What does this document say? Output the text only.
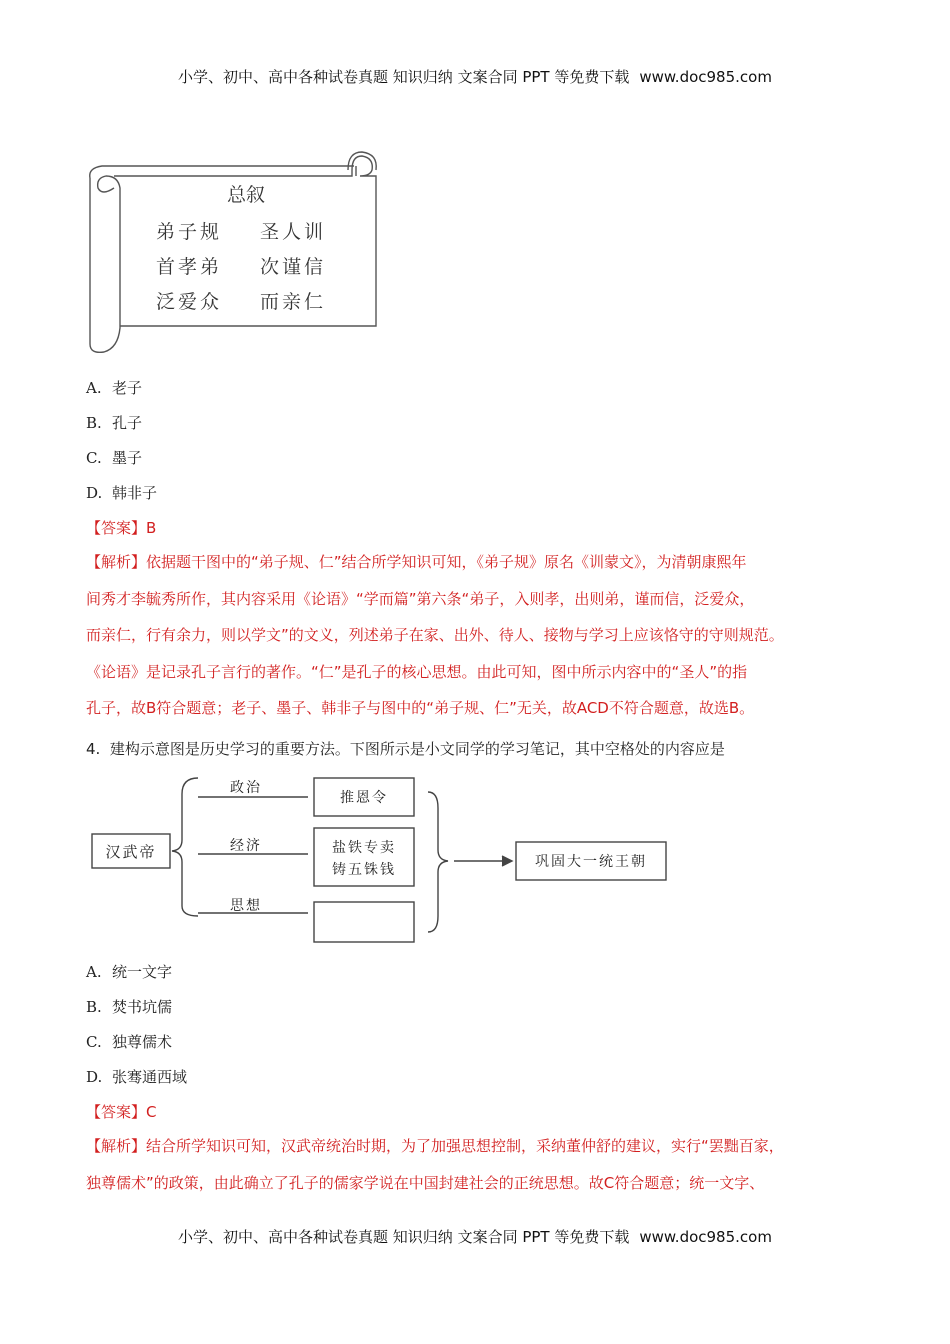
小学、初中、高中各种试卷真题 知识归纳 文案合同 PPT 等免费下载 www.doc985.com
总叙
弟子规 圣人训
首孝弟 次谨信
泛爱众 而亲仁
A. 老子
B. 孔子
C. 墨子
D. 韩非子
【答案】B
【解析】依据题干图中的“弟子规、仁”结合所学知识可知，《弟子规》原名《训蒙文》，为清朝康熙年
间秀才李毓秀所作，其内容采用《论语》“学而篇”第六条“弟子，入则孝，出则弟，谨而信，泛爱众，
而亲仁，行有余力，则以学文”的文义，列述弟子在家、出外、待人、接物与学习上应该恪守的守则规范。
《论语》是记录孔子言行的著作。“仁”是孔子的核心思想。由此可知，图中所示内容中的“圣人”的指
孔子，故B符合题意；老子、墨子、韩非子与图中的“弟子规、仁”无关，故ACD不符合题意，故选B。
4. 建构示意图是历史学习的重要方法。下图所示是小文同学的学习笔记，其中空格处的内容应是
汉武帝
政治
经济
思想
推恩令
盐铁专卖
铸五铢钱	巩固大一统王朝
A. 统一文字
B. 焚书坑儒
C. 独尊儒术
D. 张骞通西域
【答案】C
【解析】结合所学知识可知，汉武帝统治时期，为了加强思想控制，采纳董仲舒的建议，实行“罢黜百家，
独尊儒术”的政策，由此确立了孔子的儒家学说在中国封建社会的正统思想。故C符合题意；统一文字、
小学、初中、高中各种试卷真题 知识归纳 文案合同 PPT 等免费下载 www.doc985.com
